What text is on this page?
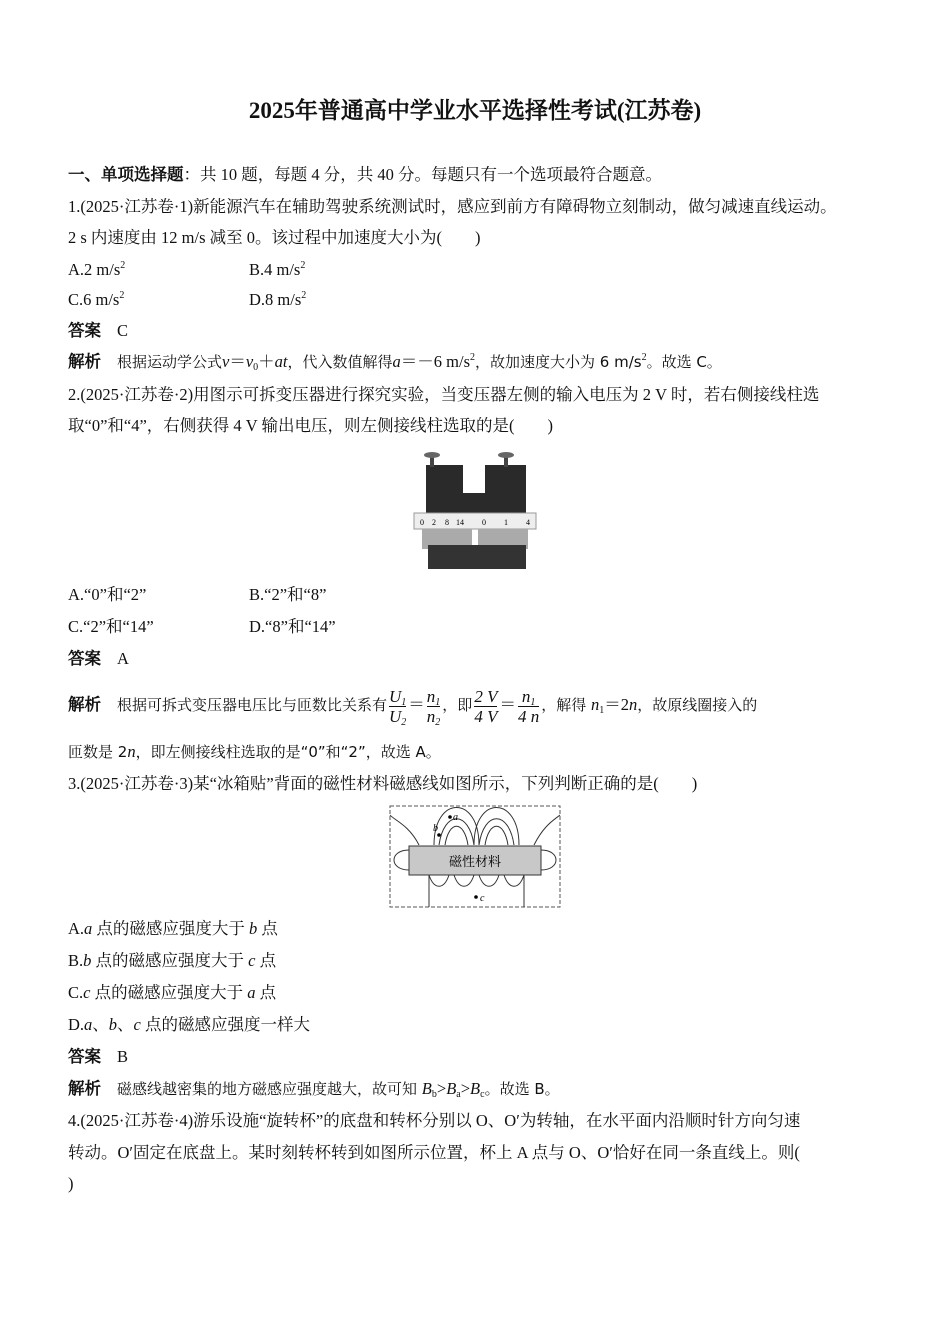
2025年普通高中学业水平选择性考试(江苏卷)
一、单项选择题：共 10 题，每题 4 分，共 40 分。每题只有一个选项最符合题意。
1.(2025·江苏卷·1)新能源汽车在辅助驾驶系统测试时，感应到前方有障碍物立刻制动，做匀减速直线运动。
2 s 内速度由 12 m/s 减至 0。该过程中加速度大小为(　　)
A.2 $m/s^2$	B.4 $m/s^2$
C.6 $m/s^2$	D.8 $m/s^2$
答案 C
解析 根据运动学公式$v=v_0+at$，代入数值解得a＝－6 $m/s^2$，故加速度大小为 6 $m/s^2$。故选 C。
2.(2025·江苏卷·2)用图示可拆变压器进行探究实验，当变压器左侧的输入电压为 2 V 时，若右侧接线柱选
取“0”和“4”，右侧获得 4 V 输出电压，则左侧接线柱选取的是(　　)
0 2 8 14 0 1 4
A.“0”和“2”	B.“2”和“8”
C.“2”和“14”	D.“8”和“14”
答案 A
解析 根据可拆式变压器电压比与匝数比关系有 $\frac{U_1}{U_2} = \frac{n_1}{n_2}$ ，即 $\frac{2 V}{4 V} = \frac{n_1}{4 n}$ ，解得 $n_1=2n$，故原线圈接入的
匝数是 2n，即左侧接线柱选取的是“0”和“2”，故选 A。
3.(2025·江苏卷·3)某“冰箱贴”背面的磁性材料磁感线如图所示，下列判断正确的是(　　)
磁性材料
a
b
c
A.a 点的磁感应强度大于 b 点
B.b 点的磁感应强度大于 c 点
C.c 点的磁感应强度大于 a 点
D.a、b、c 点的磁感应强度一样大
答案 B
解析 磁感线越密集的地方磁感应强度越大，故可知 $B_b>B_a>B_c$。故选 B。
4.(2025·江苏卷·4)游乐设施“旋转杯”的底盘和转杯分别以 O、O′为转轴，在水平面内沿顺时针方向匀速
转动。O′固定在底盘上。某时刻转杯转到如图所示位置，杯上 A 点与 O、O′恰好在同一条直线上。则(
)
